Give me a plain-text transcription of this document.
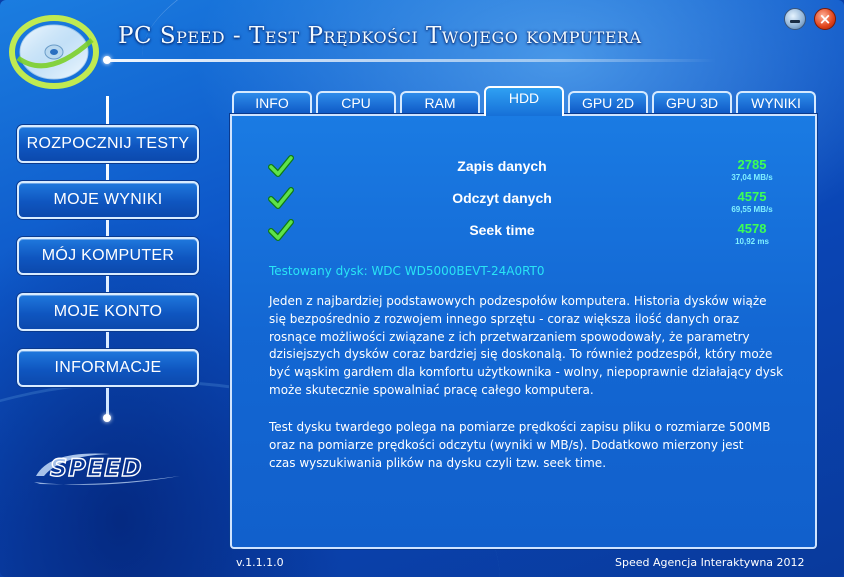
PC Speed - Test Prędkości Twojego komputera
×
ROZPOCZNIJ TESTY
MOJE WYNIKI
MÓJ KOMPUTER
MOJE KONTO
INFORMACJE
SPEED
INFO	CPU	RAM	HDD	GPU 2D	GPU 3D	WYNIKI
Zapis danych	2785
37,04 MB/s
Odczyt danych	4575
69,55 MB/s
Seek time	4578
10,92 ms
Testowany dysk: WDC WD5000BEVT-24A0RT0
Jeden z najbardziej podstawowych podzespołów komputera. Historia dysków wiąże
się bezpośrednio z rozwojem innego sprzętu - coraz większa ilość danych oraz
rosnące możliwości związane z ich przetwarzaniem spowodowały, że parametry
dzisiejszych dysków coraz bardziej się doskonalą. To również podzespół, który może
być wąskim gardłem dla komfortu użytkownika - wolny, niepoprawnie działający dysk
może skutecznie spowalniać pracę całego komputera.
Test dysku twardego polega na pomiarze prędkości zapisu pliku o rozmiarze 500MB
oraz na pomiarze prędkości odczytu (wyniki w MB/s). Dodatkowo mierzony jest
czas wyszukiwania plików na dysku czyli tzw. seek time.
v.1.1.1.0	Speed Agencja Interaktywna 2012
